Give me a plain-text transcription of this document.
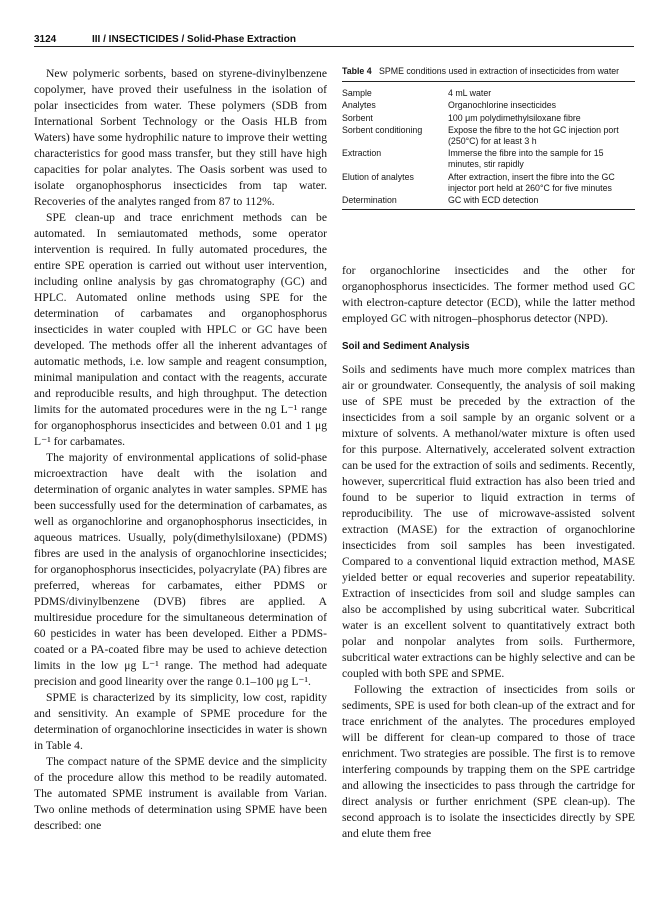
3124	III / INSECTICIDES / Solid-Phase Extraction

New polymeric sorbents, based on styrene-divinylbenzene copolymer, have proved their usefulness in the isolation of polar insecticides from water. These polymers (SDB from International Sorbent Technology or the Oasis HLB from Waters) have some hydrophilic nature to improve their wetting characteristics for good mass transfer, but they still have high capacities for polar analytes. The Oasis sorbent was used to isolate organophosphorus insecticides from tap water. Recoveries of the analytes ranged from 87 to 112%.

SPE clean-up and trace enrichment methods can be automated. In semiautomated methods, some operator intervention is required. In fully automated procedures, the entire SPE operation is carried out without user intervention, including online analysis by gas chromatography (GC) and HPLC. Automated online methods using SPE for the determination of carbamates and organophosphorus insecticides in water coupled with HPLC or GC have been developed. The methods offer all the inherent advantages of automatic methods, i.e. low sample and reagent consumption, minimal manipulation and contact with the reagents, accurate and reproducible results, and high throughput. The detection limits for the automated procedures were in the ng L⁻¹ range for organophosphorus insecticides and between 0.01 and 1 μg L⁻¹ for carbamates.

The majority of environmental applications of solid-phase microextraction have dealt with the isolation and determination of organic analytes in water samples. SPME has been successfully used for the determination of carbamates, as well as organochlorine and organophosphorus insecticides, in aqueous matrices. Usually, poly(dimethylsiloxane) (PDMS) fibres are used in the analysis of organochlorine insecticides; for organophosphorus insecticides, polyacrylate (PA) fibres are preferred, whereas for carbamates, either PDMS or PDMS/divinylbenzene (DVB) fibres are applied. A multiresidue procedure for the simultaneous determination of 60 pesticides in water has been developed. Either a PDMS-coated or a PA-coated fibre may be used to achieve detection limits in the low μg L⁻¹ range. The method had adequate precision and good linearity over the range 0.1–100 μg L⁻¹.

SPME is characterized by its simplicity, low cost, rapidity and sensitivity. An example of SPME procedure for the determination of organochlorine insecticides in water is shown in Table 4.

The compact nature of the SPME device and the simplicity of the procedure allow this method to be readily automated. The automated SPME instrument is available from Varian. Two online methods of determination using SPME have been described: one

Table 4 SPME conditions used in extraction of insecticides from water
Sample	4 mL water
Analytes	Organochlorine insecticides
Sorbent	100 μm polydimethylsiloxane fibre
Sorbent conditioning	Expose the fibre to the hot GC injection port (250°C) for at least 3 h
Extraction	Immerse the fibre into the sample for 15 minutes, stir rapidly
Elution of analytes	After extraction, insert the fibre into the GC injector port held at 260°C for five minutes
Determination	GC with ECD detection

for organochlorine insecticides and the other for organophosphorus insecticides. The former method used GC with electron-capture detector (ECD), while the latter method employed GC with nitrogen–phosphorus detector (NPD).

Soil and Sediment Analysis

Soils and sediments have much more complex matrices than air or groundwater. Consequently, the analysis of soil making use of SPE must be preceded by the extraction of the insecticides from a soil sample by an organic solvent or a mixture of solvents. A methanol/water mixture is often used for this purpose. Alternatively, accelerated solvent extraction can be used for the extraction of soils and sediments. Recently, however, supercritical fluid extraction has also been tried and found to be superior to liquid extraction in terms of reproducibility. The use of microwave-assisted solvent extraction (MASE) for the extraction of organochlorine insecticides from soil samples has been investigated. Compared to a conventional liquid extraction method, MASE yielded better or equal recoveries and superior repeatability. Extraction of insecticides from soil and sludge samples can also be accomplished by using subcritical water. Subcritical water is an excellent solvent to quantitatively extract both polar and nonpolar analytes from soils. Furthermore, subcritical water extractions can be highly selective and can be coupled with both SPE and SPME.

Following the extraction of insecticides from soils or sediments, SPE is used for both clean-up of the extract and for trace enrichment of the analytes. The procedures employed will be different for clean-up compared to those of trace enrichment. Two strategies are possible. The first is to remove interfering compounds by trapping them on the SPE cartridge and allowing the insecticides to pass through the cartridge for direct analysis or further enrichment (SPE clean-up). The second approach is to isolate the insecticides directly by SPE and elute them free
